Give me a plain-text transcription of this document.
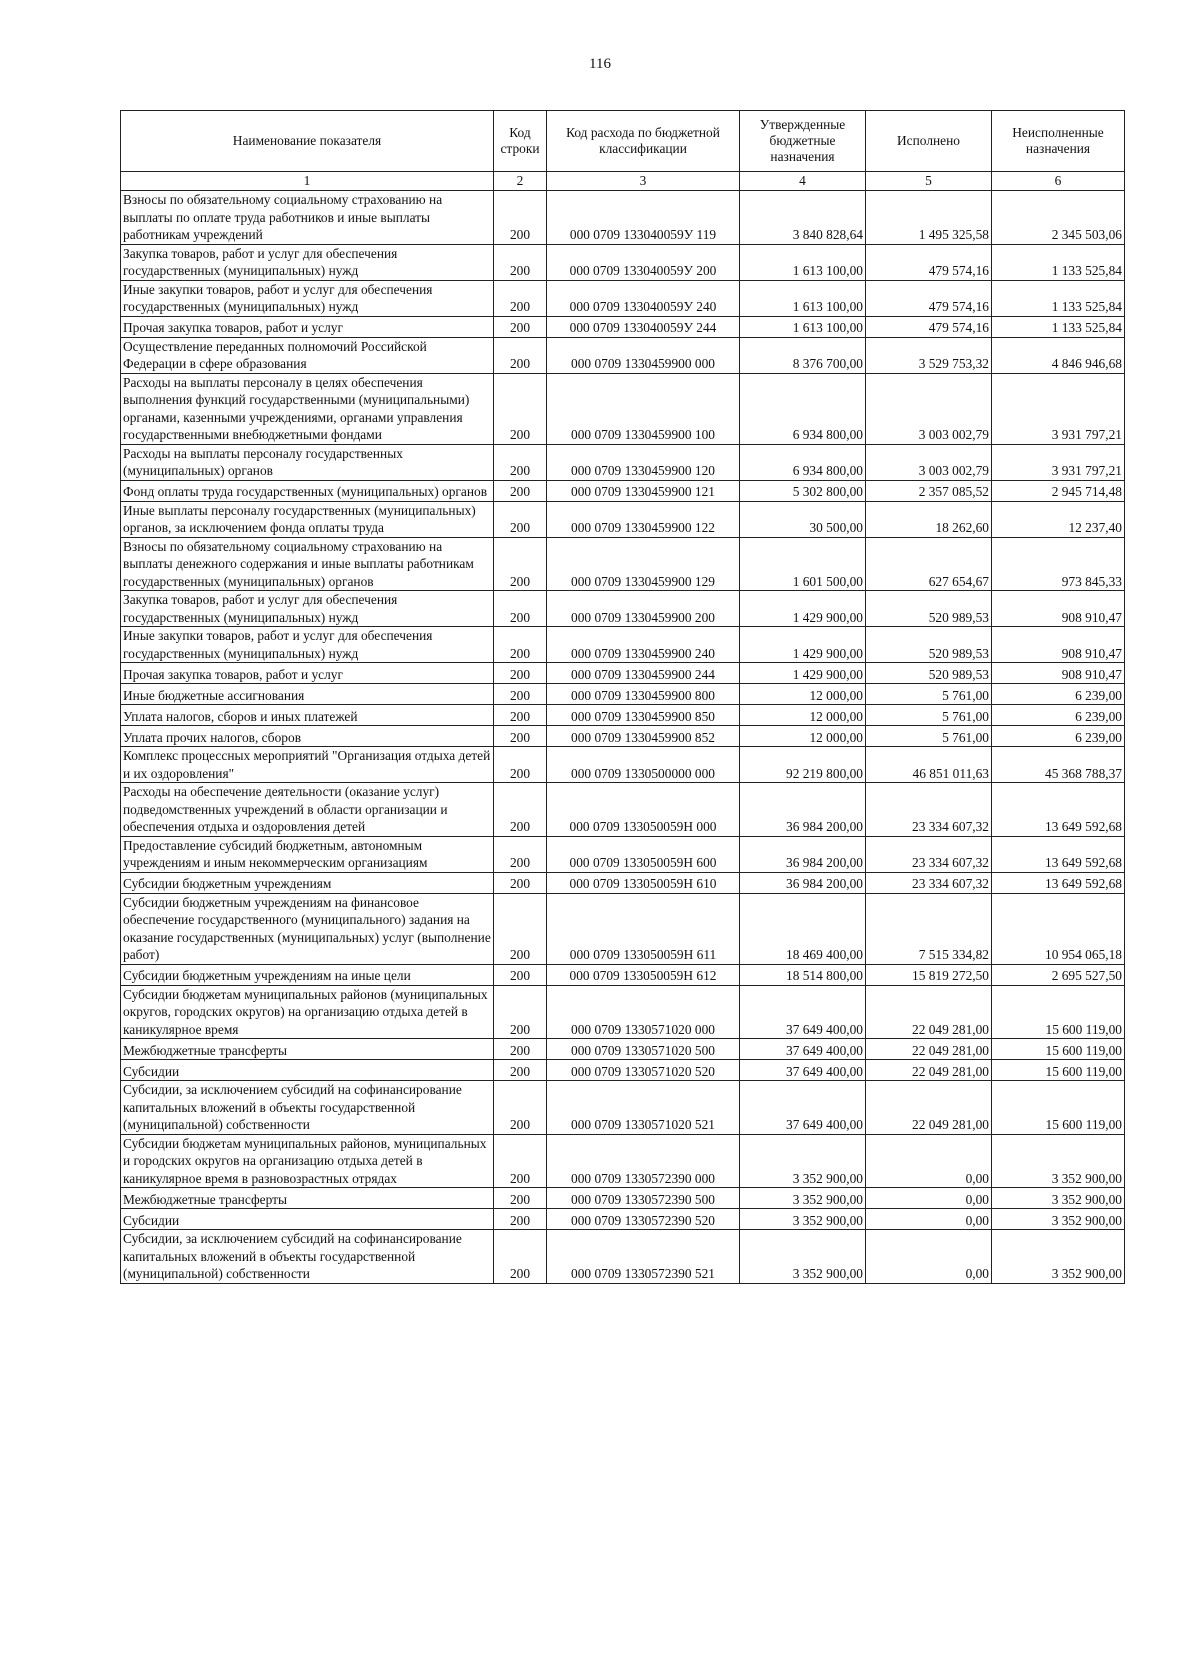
116
Наименование показателя	Код строки	Код расхода по бюджетной классификации	Утвержденные бюджетные назначения	Исполнено	Неисполненные назначения
1	2	3	4	5	6
Взносы по обязательному социальному страхованию на выплаты по оплате труда работников и иные выплаты работникам учреждений	200	000 0709 133040059У 119	3 840 828,64	1 495 325,58	2 345 503,06
Закупка товаров, работ и услуг для обеспечения государственных (муниципальных) нужд	200	000 0709 133040059У 200	1 613 100,00	479 574,16	1 133 525,84
Иные закупки товаров, работ и услуг для обеспечения государственных (муниципальных) нужд	200	000 0709 133040059У 240	1 613 100,00	479 574,16	1 133 525,84
Прочая закупка товаров, работ и услуг	200	000 0709 133040059У 244	1 613 100,00	479 574,16	1 133 525,84
Осуществление переданных полномочий Российской Федерации в сфере образования	200	000 0709 1330459900 000	8 376 700,00	3 529 753,32	4 846 946,68
Расходы на выплаты персоналу в целях обеспечения выполнения функций государственными (муниципальными) органами, казенными учреждениями, органами управления государственными внебюджетными фондами	200	000 0709 1330459900 100	6 934 800,00	3 003 002,79	3 931 797,21
Расходы на выплаты персоналу государственных (муниципальных) органов	200	000 0709 1330459900 120	6 934 800,00	3 003 002,79	3 931 797,21
Фонд оплаты труда государственных (муниципальных) органов	200	000 0709 1330459900 121	5 302 800,00	2 357 085,52	2 945 714,48
Иные выплаты персоналу государственных (муниципальных) органов, за исключением фонда оплаты труда	200	000 0709 1330459900 122	30 500,00	18 262,60	12 237,40
Взносы по обязательному социальному страхованию на выплаты денежного содержания и иные выплаты работникам государственных (муниципальных) органов	200	000 0709 1330459900 129	1 601 500,00	627 654,67	973 845,33
Закупка товаров, работ и услуг для обеспечения государственных (муниципальных) нужд	200	000 0709 1330459900 200	1 429 900,00	520 989,53	908 910,47
Иные закупки товаров, работ и услуг для обеспечения государственных (муниципальных) нужд	200	000 0709 1330459900 240	1 429 900,00	520 989,53	908 910,47
Прочая закупка товаров, работ и услуг	200	000 0709 1330459900 244	1 429 900,00	520 989,53	908 910,47
Иные бюджетные ассигнования	200	000 0709 1330459900 800	12 000,00	5 761,00	6 239,00
Уплата налогов, сборов и иных платежей	200	000 0709 1330459900 850	12 000,00	5 761,00	6 239,00
Уплата прочих налогов, сборов	200	000 0709 1330459900 852	12 000,00	5 761,00	6 239,00
Комплекс процессных мероприятий "Организация отдыха детей и их оздоровления"	200	000 0709 1330500000 000	92 219 800,00	46 851 011,63	45 368 788,37
Расходы на обеспечение деятельности (оказание услуг) подведомственных учреждений в области организации и обеспечения отдыха и оздоровления детей	200	000 0709 133050059Н 000	36 984 200,00	23 334 607,32	13 649 592,68
Предоставление субсидий бюджетным, автономным учреждениям и иным некоммерческим организациям	200	000 0709 133050059Н 600	36 984 200,00	23 334 607,32	13 649 592,68
Субсидии бюджетным учреждениям	200	000 0709 133050059Н 610	36 984 200,00	23 334 607,32	13 649 592,68
Субсидии бюджетным учреждениям на финансовое обеспечение государственного (муниципального) задания на оказание государственных (муниципальных) услуг (выполнение работ)	200	000 0709 133050059Н 611	18 469 400,00	7 515 334,82	10 954 065,18
Субсидии бюджетным учреждениям на иные цели	200	000 0709 133050059Н 612	18 514 800,00	15 819 272,50	2 695 527,50
Субсидии бюджетам муниципальных районов (муниципальных округов, городских округов) на организацию отдыха детей в каникулярное время	200	000 0709 1330571020 000	37 649 400,00	22 049 281,00	15 600 119,00
Межбюджетные трансферты	200	000 0709 1330571020 500	37 649 400,00	22 049 281,00	15 600 119,00
Субсидии	200	000 0709 1330571020 520	37 649 400,00	22 049 281,00	15 600 119,00
Субсидии, за исключением субсидий на софинансирование капитальных вложений в объекты государственной (муниципальной) собственности	200	000 0709 1330571020 521	37 649 400,00	22 049 281,00	15 600 119,00
Субсидии бюджетам муниципальных районов, муниципальных и городских округов на организацию отдыха детей в каникулярное время в разновозрастных отрядах	200	000 0709 1330572390 000	3 352 900,00	0,00	3 352 900,00
Межбюджетные трансферты	200	000 0709 1330572390 500	3 352 900,00	0,00	3 352 900,00
Субсидии	200	000 0709 1330572390 520	3 352 900,00	0,00	3 352 900,00
Субсидии, за исключением субсидий на софинансирование капитальных вложений в объекты государственной (муниципальной) собственности	200	000 0709 1330572390 521	3 352 900,00	0,00	3 352 900,00
